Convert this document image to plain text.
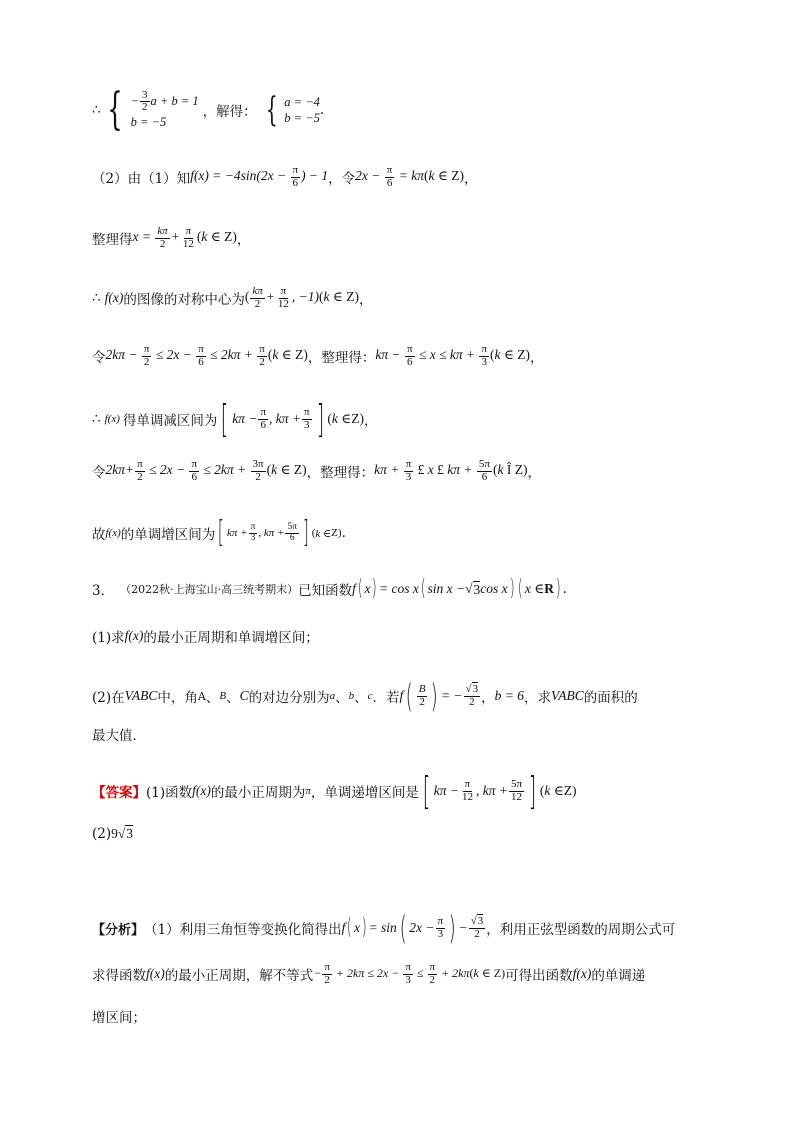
∴ { − $\frac{3}{2}$ a + b = 1
b = −5
，解得： { a = −4
b = −5 .
（2）由（1）知 $f(x) = -4\sin(2x - \frac{\pi}{6}$ ) − 1 ，令 $2x - \frac{\pi}{6} = k\pi(k$ ∈ Z) ，
整理得 $x = \frac{k\pi}{2} + \frac{\pi}{12} (k$ ∈ Z) ，
∴ f(x) 的图像的对称中心为 ( $\frac{k\pi}{2} + \frac{\pi}{12}$ , −1)(k ∈ Z) ，
令 $2k\pi - \frac{\pi}{2} \le 2x - \frac{\pi}{6} \le 2k\pi + \frac{\pi}{2} (k$ ∈ Z) ，整理得： $k\pi - \frac{\pi}{6} \le x \le k\pi + \frac{\pi}{3} (k$ ∈ Z) ，
∴ f(x) 得单调减区间为 [ $k\pi - \frac{\pi}{6}$ , $k\pi + \frac{\pi}{3}$ ] ( k ∈ Z ) ，
令 $2k\pi+ \frac{\pi}{2} \le 2x - \frac{\pi}{6} \le 2k\pi + \frac{3\pi}{2} (k$ ∈ Z) ，整理得： $k\pi + \frac{\pi}{3}$ £ x £ $k\pi + \frac{5\pi}{6} (k$ Î Z) ，
故 f(x) 的单调增区间为 [ $k\pi + \frac{\pi}{3}$ , $k\pi + \frac{5\pi}{6}$ ] ( k ∈ Z ) .
3． （2022秋·上海宝山·高三统考期末） 已知函数 f ( x ) = cos x ( sin x − √ 3 cos x ) ( x ∈ R ) .
(1)求 f(x) 的最小正周期和单调增区间；
(2)在 VABC 中，角 A 、 B 、 C 的对边分别为 a 、 b 、 c ．若 f ( $\frac{B}{2}$ ) = − $\frac{√3}{2}$ ， b = 6 ，求 VABC 的面积的
最大值．
【答案】 (1)函数 f(x) 的最小正周期为 π ，单调递增区间是 [ $k\pi - \frac{\pi}{12}$ , $k\pi + \frac{5\pi}{12}$ ] ( k ∈ Z )
(2) 9√3
【分析】 （1）利用三角恒等变换化简得出 f ( x ) = sin ( $2x - \frac{\pi}{3}$ ) − $\frac{√3}{2}$ ，利用正弦型函数的周期公式可
求得函数 f(x) 的最小正周期，解不等式 − $\frac{\pi}{2} + 2k\pi \le 2x - \frac{\pi}{3} \le \frac{\pi}{2} + 2k\pi(k$ ∈ Z) 可得出函数 f(x) 的单调递
增区间；
